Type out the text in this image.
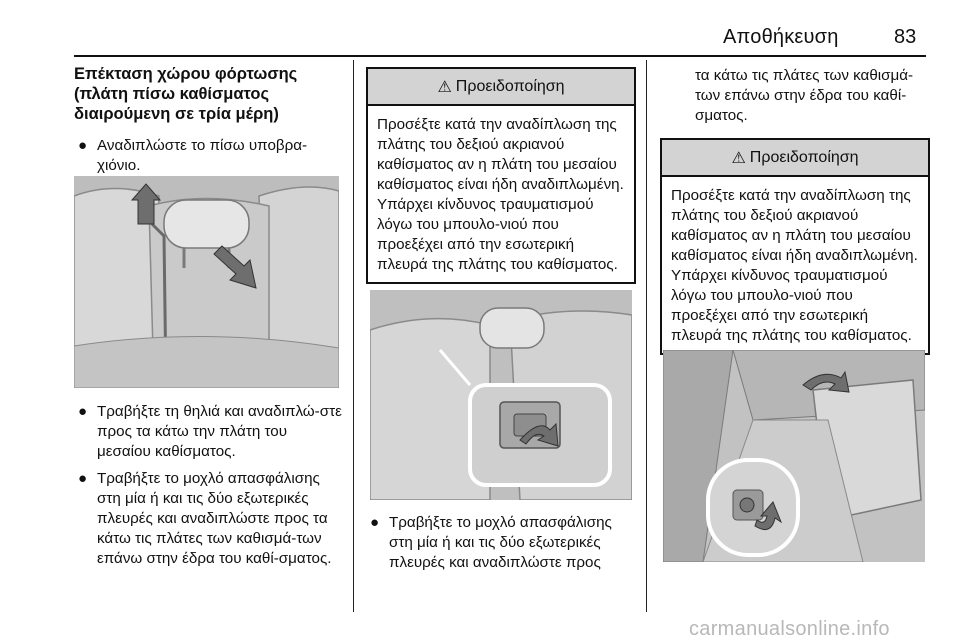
Αποθήκευση	83
Επέκταση χώρου φόρτωσης (πλάτη πίσω καθίσματος διαιρούμενη σε τρία μέρη)
● Αναδιπλώστε το πίσω υποβρα-χιόνιο.
● Τραβήξτε τη θηλιά και αναδιπλώ-στε προς τα κάτω την πλάτη του μεσαίου καθίσματος.
● Τραβήξτε το μοχλό απασφάλισης στη μία ή και τις δύο εξωτερικές πλευρές και αναδιπλώστε προς τα κάτω τις πλάτες των καθισμά-των επάνω στην έδρα του καθί-σματος.
⚠ Προειδοποίηση
Προσέξτε κατά την αναδίπλωση της πλάτης του δεξιού ακριανού καθίσματος αν η πλάτη του μεσαίου καθίσματος είναι ήδη αναδιπλωμένη. Υπάρχει κίνδυνος τραυματισμού λόγω του μπουλο-νιού που προεξέχει από την εσωτερική πλευρά της πλάτης του καθίσματος.
● Τραβήξτε το μοχλό απασφάλισης στη μία ή και τις δύο εξωτερικές πλευρές και αναδιπλώστε προς
τα κάτω τις πλάτες των καθισμά-των επάνω στην έδρα του καθί-σματος.
⚠ Προειδοποίηση
Προσέξτε κατά την αναδίπλωση της πλάτης του δεξιού ακριανού καθίσματος αν η πλάτη του μεσαίου καθίσματος είναι ήδη αναδιπλωμένη. Υπάρχει κίνδυνος τραυματισμού λόγω του μπουλο-νιού που προεξέχει από την εσωτερική πλευρά της πλάτης του καθίσματος.
carmanualsonline.info
